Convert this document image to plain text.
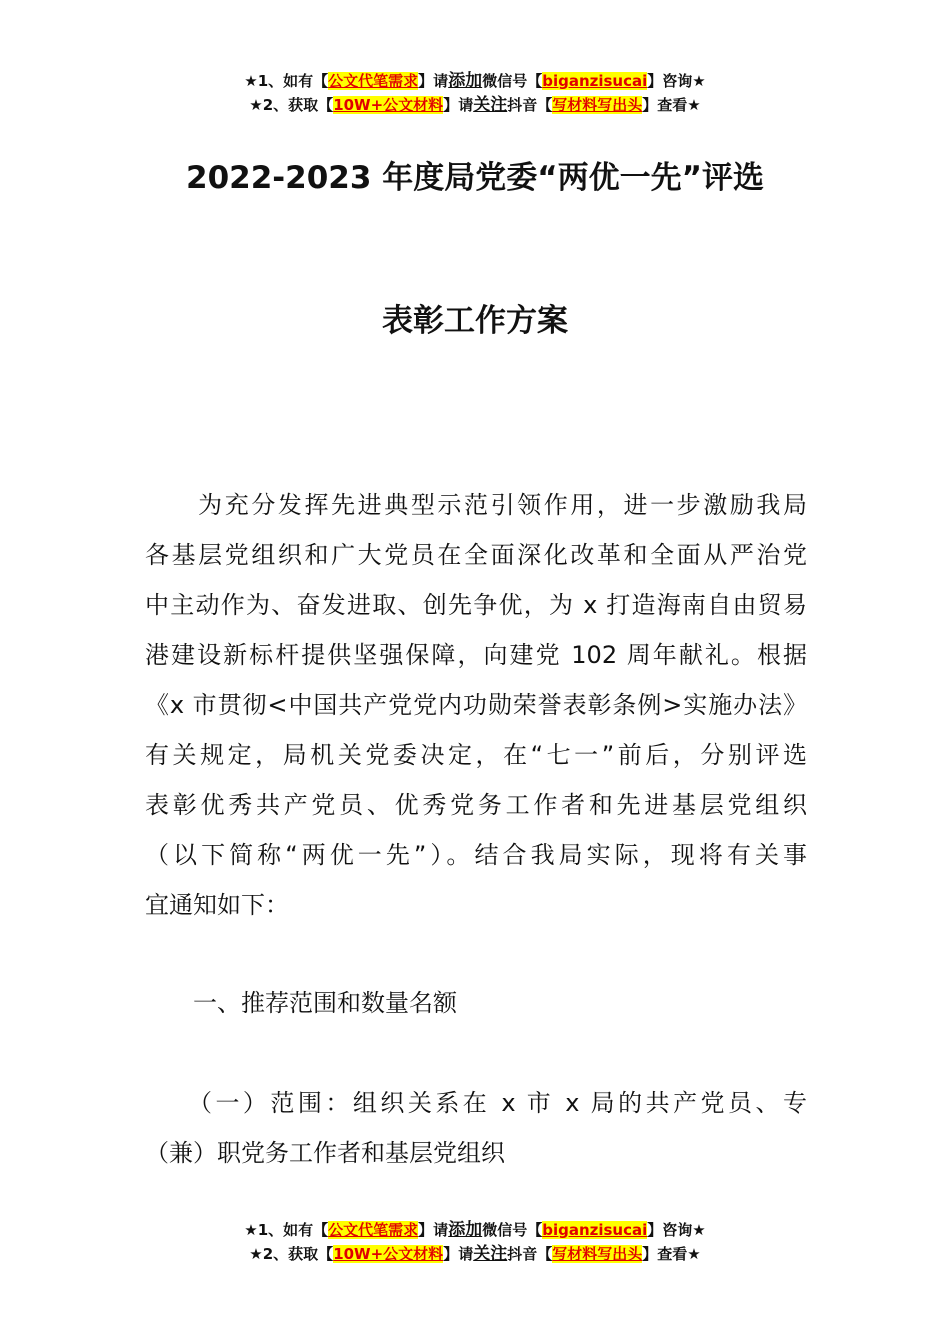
★1、如有【公文代笔需求】请添加微信号【biganzisucai】咨询★
★2、获取【10W+公文材料】请关注抖音【写材料写出头】查看★
2022-2023 年度局党委“两优一先”评选
表彰工作方案
　　为充分发挥先进典型示范引领作用，进一步激励我局
各基层党组织和广大党员在全面深化改革和全面从严治党
中主动作为、奋发进取、创先争优，为 x 打造海南自由贸易
港建设新标杆提供坚强保障，向建党 102 周年献礼。根据
《x 市贯彻<中国共产党党内功勋荣誉表彰条例>实施办法》
有关规定，局机关党委决定，在“七一”前后，分别评选
表彰优秀共产党员、优秀党务工作者和先进基层党组织
（以下简称“两优一先”）。结合我局实际，现将有关事
宜通知如下：
　　一、推荐范围和数量名额
　　（一）范围：组织关系在 x 市 x 局的共产党员、专
（兼）职党务工作者和基层党组织
★1、如有【公文代笔需求】请添加微信号【biganzisucai】咨询★
★2、获取【10W+公文材料】请关注抖音【写材料写出头】查看★
